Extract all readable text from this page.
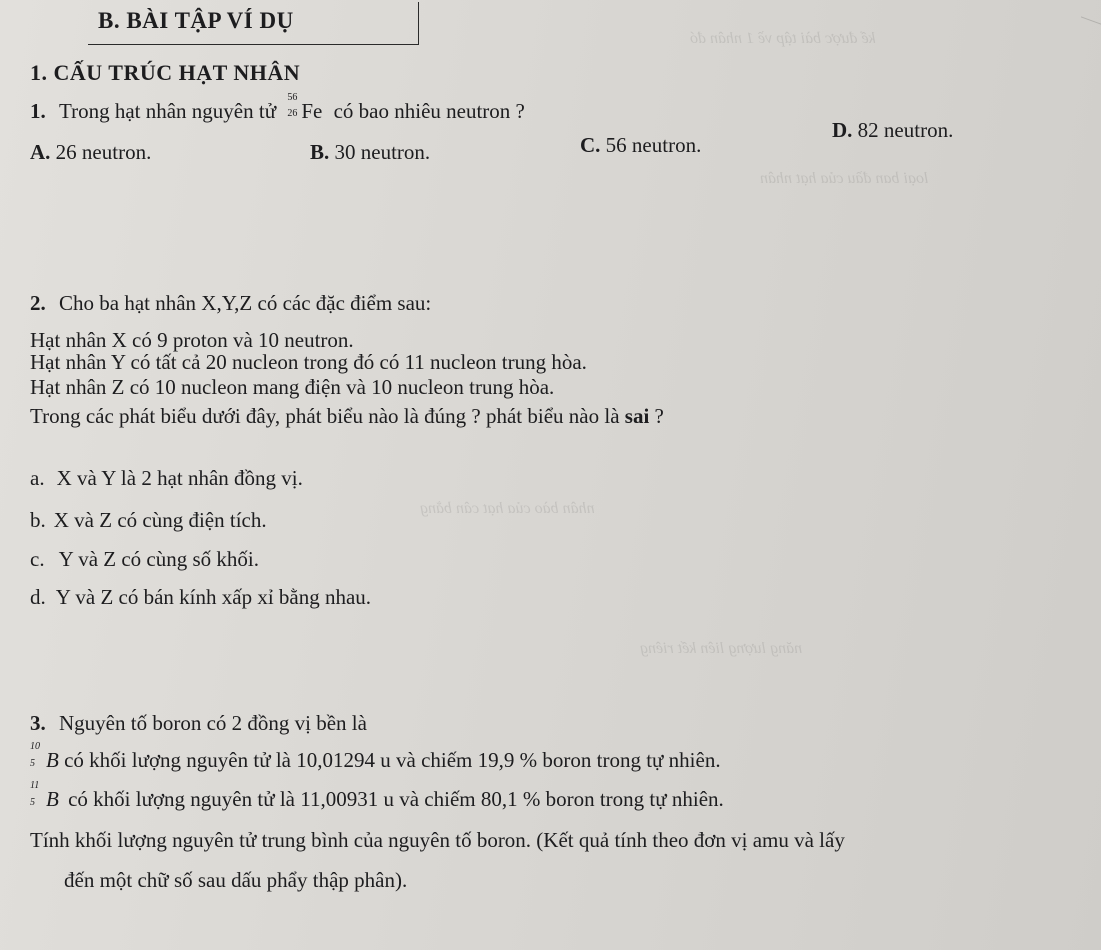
kể được bài tập về 1 nhân đó
loại ban đầu của hạt nhân
nhân bào của hạt cân bằng
năng lượng liên kết riêng
B. BÀI TẬP VÍ DỤ
1. CẤU TRÚC HẠT NHÂN
1. Trong hạt nhân nguyên tử
56
26 Fe có bao nhiêu neutron ?
A. 26 neutron.	B. 30 neutron.	C. 56 neutron.
D. 82 neutron.
2. Cho ba hạt nhân X,Y,Z có các đặc điểm sau:
Hạt nhân X có 9 proton và 10 neutron.
Hạt nhân Y có tất cả 20 nucleon trong đó có 11 nucleon trung hòa.
Hạt nhân Z có 10 nucleon mang điện và 10 nucleon trung hòa.
Trong các phát biểu dưới đây, phát biểu nào là đúng ? phát biểu nào là sai ?
a. X và Y là 2 hạt nhân đồng vị.
b. X và Z có cùng điện tích.
c. Y và Z có cùng số khối.
d. Y và Z có bán kính xấp xỉ bằng nhau.
3. Nguyên tố boron có 2 đồng vị bền là
10
5 B có khối lượng nguyên tử là 10,01294 u và chiếm 19,9 % boron trong tự nhiên.
11
5 B có khối lượng nguyên tử là 11,00931 u và chiếm 80,1 % boron trong tự nhiên.
Tính khối lượng nguyên tử trung bình của nguyên tố boron. (Kết quả tính theo đơn vị amu và lấy
đến một chữ số sau dấu phẩy thập phân).
